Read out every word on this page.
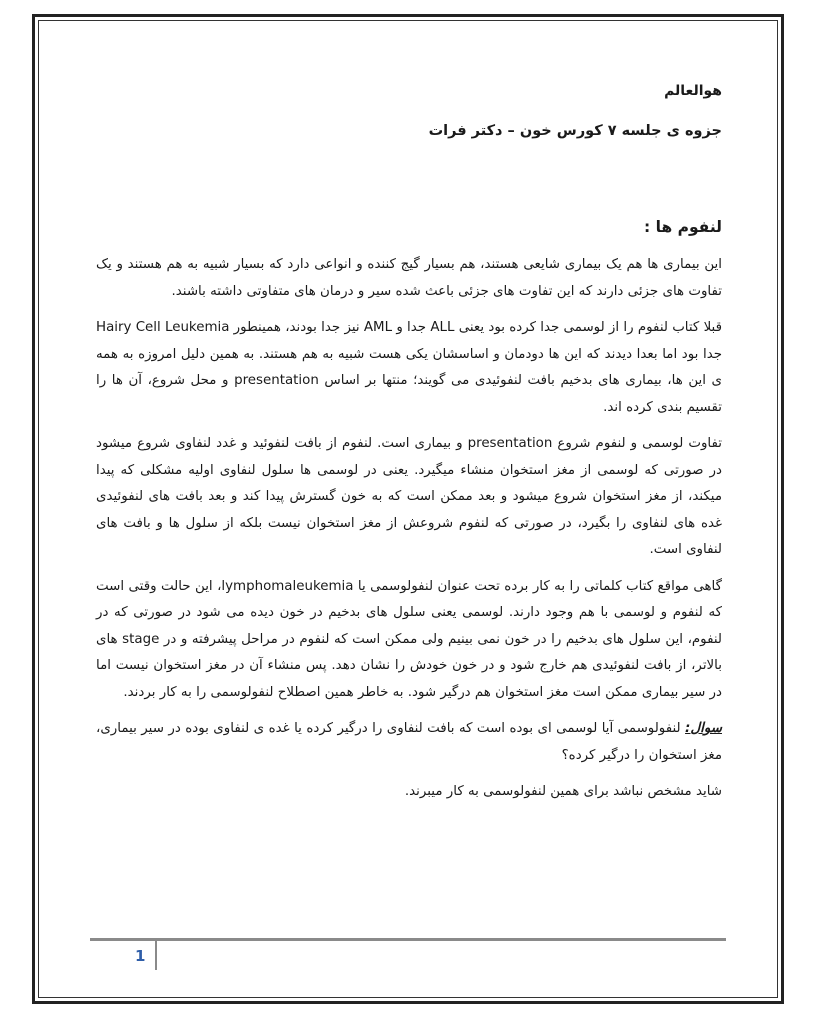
هوالعالم

جزوه ی جلسه ۷ کورس خون – دکتر فرات

لنفوم ها :

این بیماری ها هم یک بیماری شایعی هستند، هم بسیار گیج کننده و انواعی دارد که بسیار شبیه به هم هستند و یک تفاوت های جزئی دارند که این تفاوت های جزئی باعث شده سیر و درمان های متفاوتی داشته باشند.

قبلا کتاب لنفوم را از لوسمی جدا کرده بود یعنی ALL جدا و AML نیز جدا بودند، همینطور Hairy Cell Leukemia جدا بود اما بعدا دیدند که این ها دودمان و اساسشان یکی هست شبیه به هم هستند. به همین دلیل امروزه به همه ی این ها، بیماری های بدخیم بافت لنفوئیدی می گویند؛ منتها بر اساس presentation و محل شروع، آن ها را تقسیم بندی کرده اند.

تفاوت لوسمی و لنفوم شروع presentation و بیماری است. لنفوم از بافت لنفوئید و غدد لنفاوی شروع میشود در صورتی که لوسمی از مغز استخوان منشاء میگیرد. یعنی در لوسمی ها سلول لنفاوی اولیه مشکلی که پیدا میکند، از مغز استخوان شروع میشود و بعد ممکن است که به خون گسترش پیدا کند و بعد بافت های لنفوئیدی غده های لنفاوی را بگیرد، در صورتی که لنفوم شروعش از مغز استخوان نیست بلکه از سلول ها و بافت های لنفاوی است.

گاهی مواقع کتاب کلماتی را به کار برده تحت عنوان لنفولوسمی یا lymphomaleukemia، این حالت وقتی است که لنفوم و لوسمی با هم وجود دارند. لوسمی یعنی سلول های بدخیم در خون دیده می شود در صورتی که در لنفوم، این سلول های بدخیم را در خون نمی بینیم ولی ممکن است که لنفوم در مراحل پیشرفته و در stage های بالاتر، از بافت لنفوئیدی هم خارج شود و در خون خودش را نشان دهد. پس منشاء آن در مغز استخوان نیست اما در سیر بیماری ممکن است مغز استخوان هم درگیر شود. به خاطر همین اصطلاح لنفولوسمی را به کار بردند.

سوال: لنفولوسمی آیا لوسمی ای بوده است که بافت لنفاوی را درگیر کرده یا غده ی لنفاوی بوده در سیر بیماری، مغز استخوان را درگیر کرده؟

شاید مشخص نباشد برای همین لنفولوسمی به کار میبرند.

1
